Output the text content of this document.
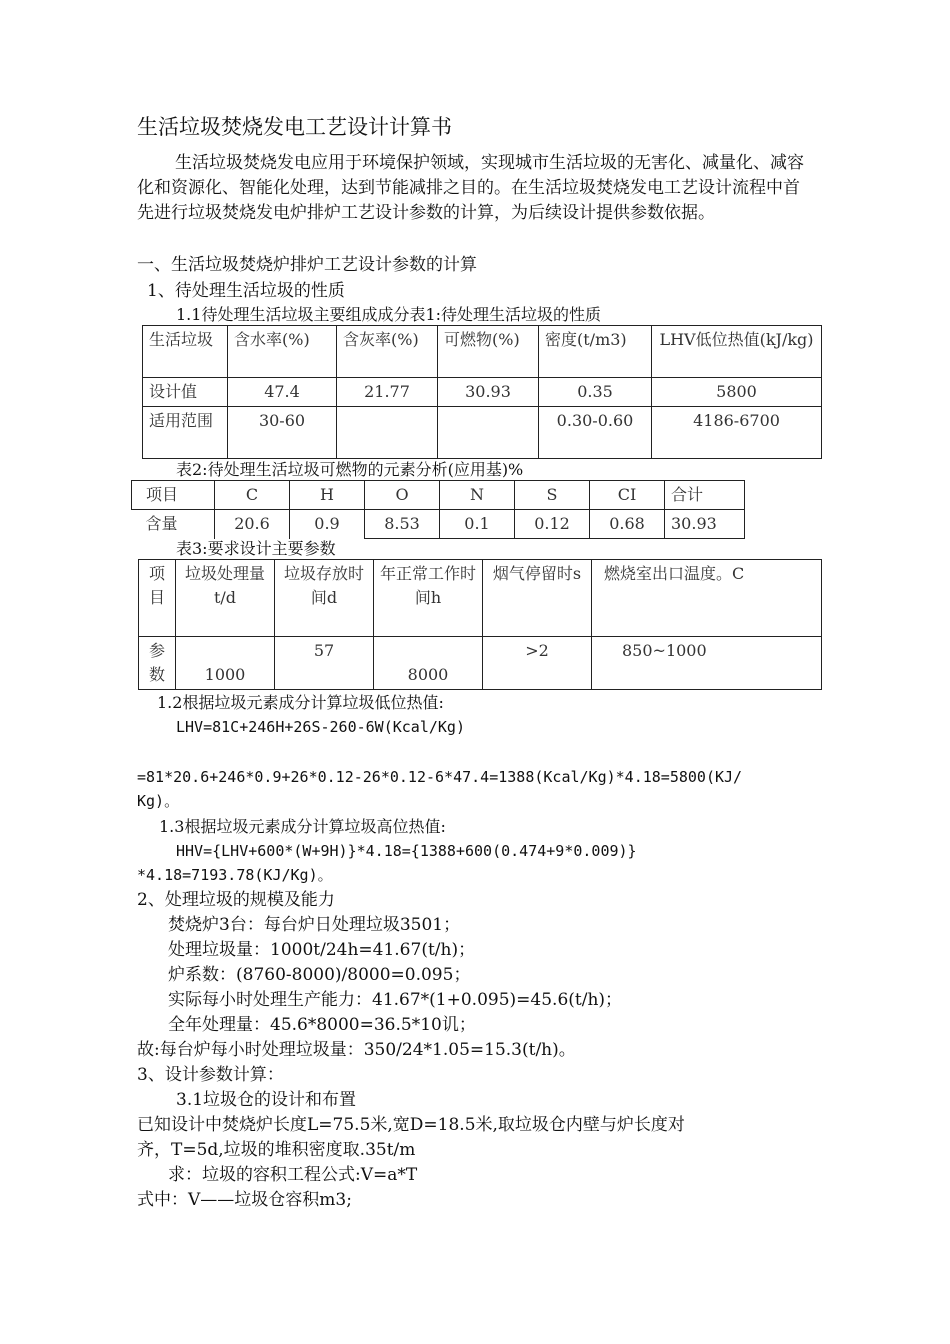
生活垃圾焚烧发电工艺设计计算书
生活垃圾焚烧发电应用于环境保护领域，实现城市生活垃圾的无害化、减量化、减容化和资源化、智能化处理，达到节能减排之目的。在生活垃圾焚烧发电工艺设计流程中首先进行垃圾焚烧发电炉排炉工艺设计参数的计算，为后续设计提供参数依据。
一、生活垃圾焚烧炉排炉工艺设计参数的计算
1、待处理生活垃圾的性质
1.1待处理生活垃圾主要组成成分表1:待处理生活垃圾的性质
生活垃圾	含水率(%)	含灰率(%)	可燃物(%)	密度(t/m3)	LHV低位热值(kJ/kg)
设计值	47.4	21.77	30.93	0.35	5800
适用范围	30-60			0.30-0.60	4186-6700
表2:待处理生活垃圾可燃物的元素分析(应用基)%
项目	C	H	O	N	S	CI	合计
含量	20.6	0.9	8.53	0.1	0.12	0.68	30.93
表3:要求设计主要参数
项目	垃圾处理量t/d	垃圾存放时间d	年正常工作时间h	烟气停留时s	燃烧室出口温度。C
参数	1000	57	8000	>2	850~1000
1.2根据垃圾元素成分计算垃圾低位热值:
LHV=81C+246H+26S-260-6W(Kcal/Kg)
=81*20.6+246*0.9+26*0.12-26*0.12-6*47.4=1388(Kcal/Kg)*4.18=5800(KJ/
Kg)。
1.3根据垃圾元素成分计算垃圾高位热值:
HHV={LHV+600*(W+9H)}*4.18={1388+600(0.474+9*0.009)}
*4.18=7193.78(KJ/Kg)。
2、处理垃圾的规模及能力
焚烧炉3台：每台炉日处理垃圾3501；
处理垃圾量：1000t/24h=41.67(t/h)；
炉系数：(8760-8000)/8000=0.095；
实际每小时处理生产能力：41.67*(1+0.095)=45.6(t/h)；
全年处理量：45.6*8000=36.5*10讥；
故:每台炉每小时处理垃圾量：350/24*1.05=15.3(t/h)。
3、设计参数计算：
3.1垃圾仓的设计和布置
已知设计中焚烧炉长度L=75.5米,宽D=18.5米,取垃圾仓内壁与炉长度对
齐，T=5d,垃圾的堆积密度取.35t/m
求：垃圾的容积工程公式:V=a*T
式中：V——垃圾仓容积m3;
